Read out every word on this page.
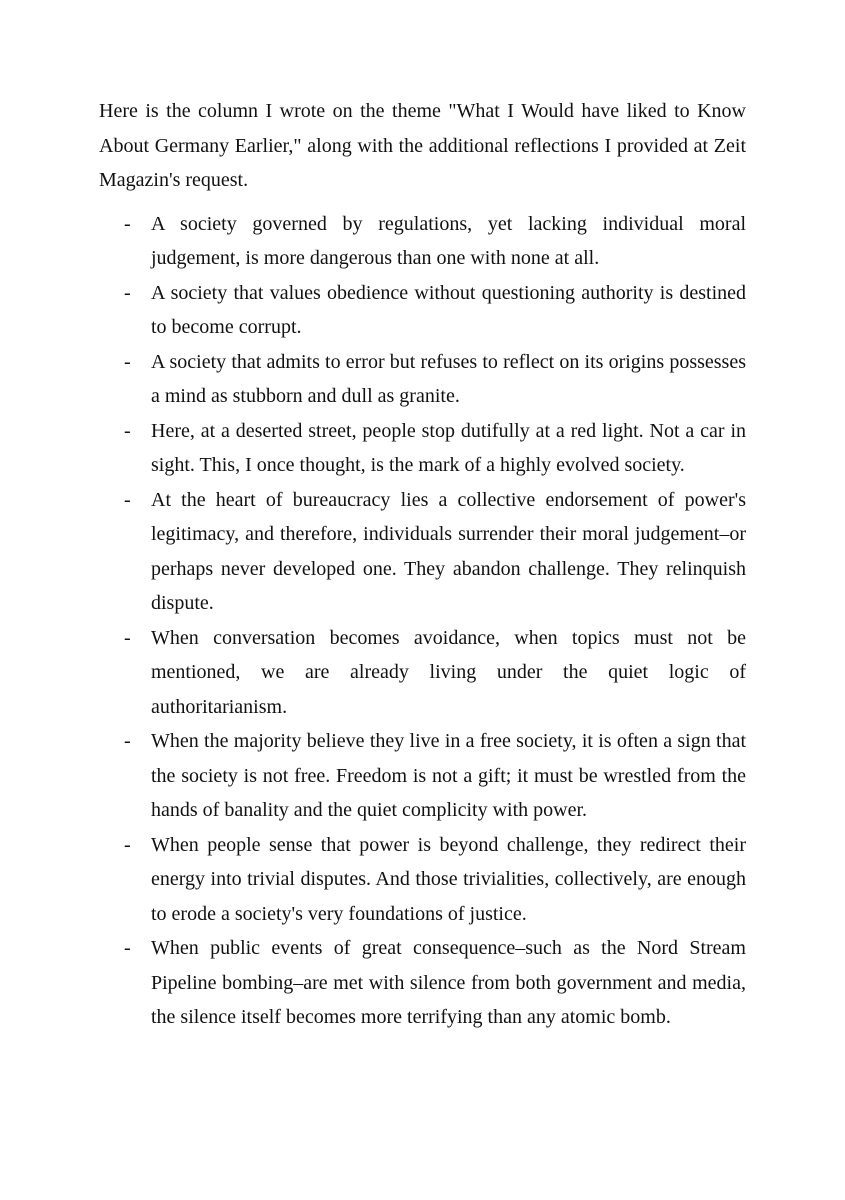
Here is the column I wrote on the theme "What I Would have liked to Know About Germany Earlier," along with the additional reflections I provided at Zeit Magazin's request.

- A society governed by regulations, yet lacking individual moral judgement, is more dangerous than one with none at all.
- A society that values obedience without questioning authority is destined to become corrupt.
- A society that admits to error but refuses to reflect on its origins possesses a mind as stubborn and dull as granite.
- Here, at a deserted street, people stop dutifully at a red light. Not a car in sight. This, I once thought, is the mark of a highly evolved society.
- At the heart of bureaucracy lies a collective endorsement of power's legitimacy, and therefore, individuals surrender their moral judgement–or perhaps never developed one. They abandon challenge. They relinquish dispute.
- When conversation becomes avoidance, when topics must not be mentioned, we are already living under the quiet logic of authoritarianism.
- When the majority believe they live in a free society, it is often a sign that the society is not free. Freedom is not a gift; it must be wrestled from the hands of banality and the quiet complicity with power.
- When people sense that power is beyond challenge, they redirect their energy into trivial disputes. And those trivialities, collectively, are enough to erode a society's very foundations of justice.
- When public events of great consequence–such as the Nord Stream Pipeline bombing–are met with silence from both government and media, the silence itself becomes more terrifying than any atomic bomb.
